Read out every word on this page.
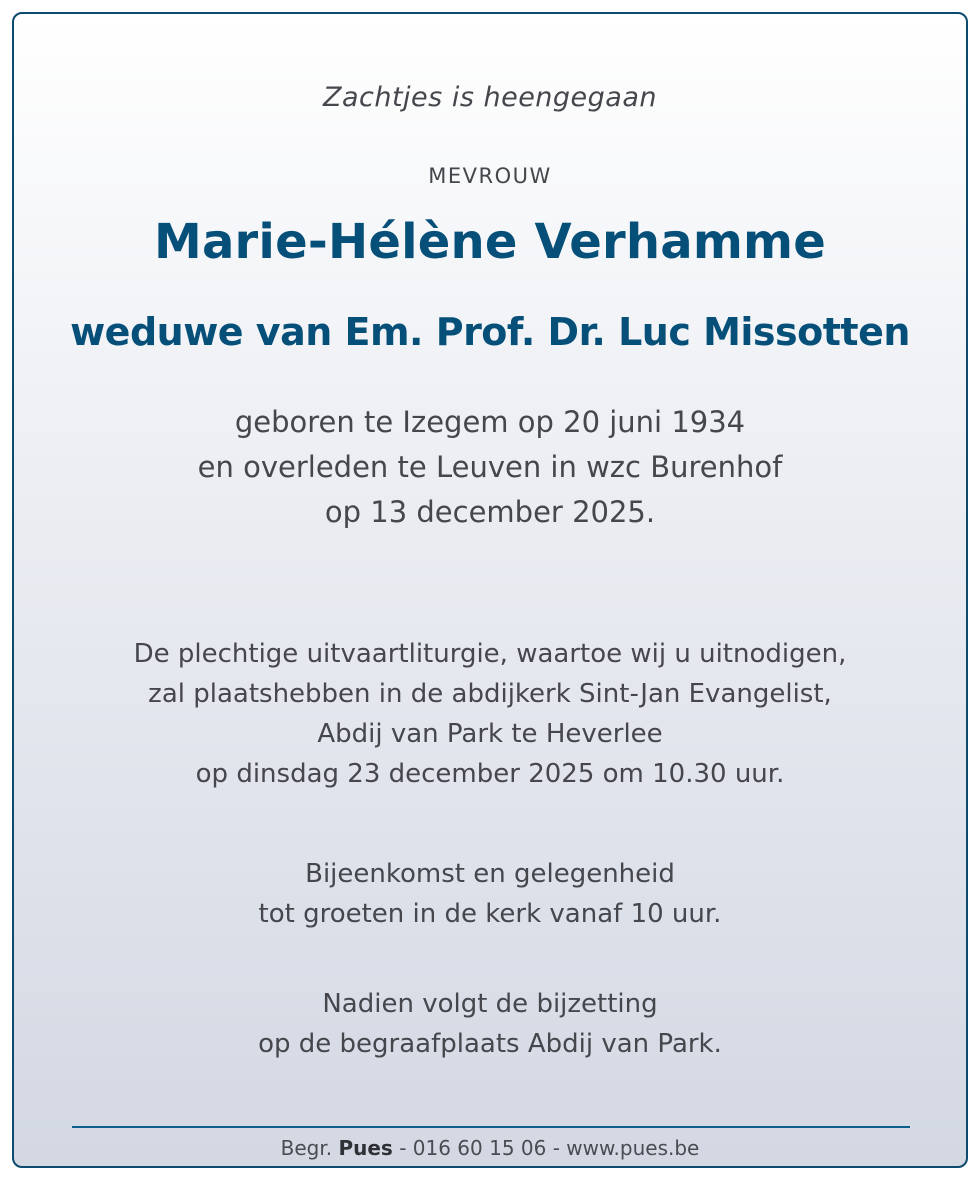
Zachtjes is heengegaan
MEVROUW
Marie-Hélène Verhamme
weduwe van Em. Prof. Dr. Luc Missotten
geboren te Izegem op 20 juni 1934
en overleden te Leuven in wzc Burenhof
op 13 december 2025.
De plechtige uitvaartliturgie, waartoe wij u uitnodigen,
zal plaatshebben in de abdijkerk Sint-Jan Evangelist,
Abdij van Park te Heverlee
op dinsdag 23 december 2025 om 10.30 uur.
Bijeenkomst en gelegenheid
tot groeten in de kerk vanaf 10 uur.
Nadien volgt de bijzetting
op de begraafplaats Abdij van Park.
Begr. Pues - 016 60 15 06 - www.pues.be
